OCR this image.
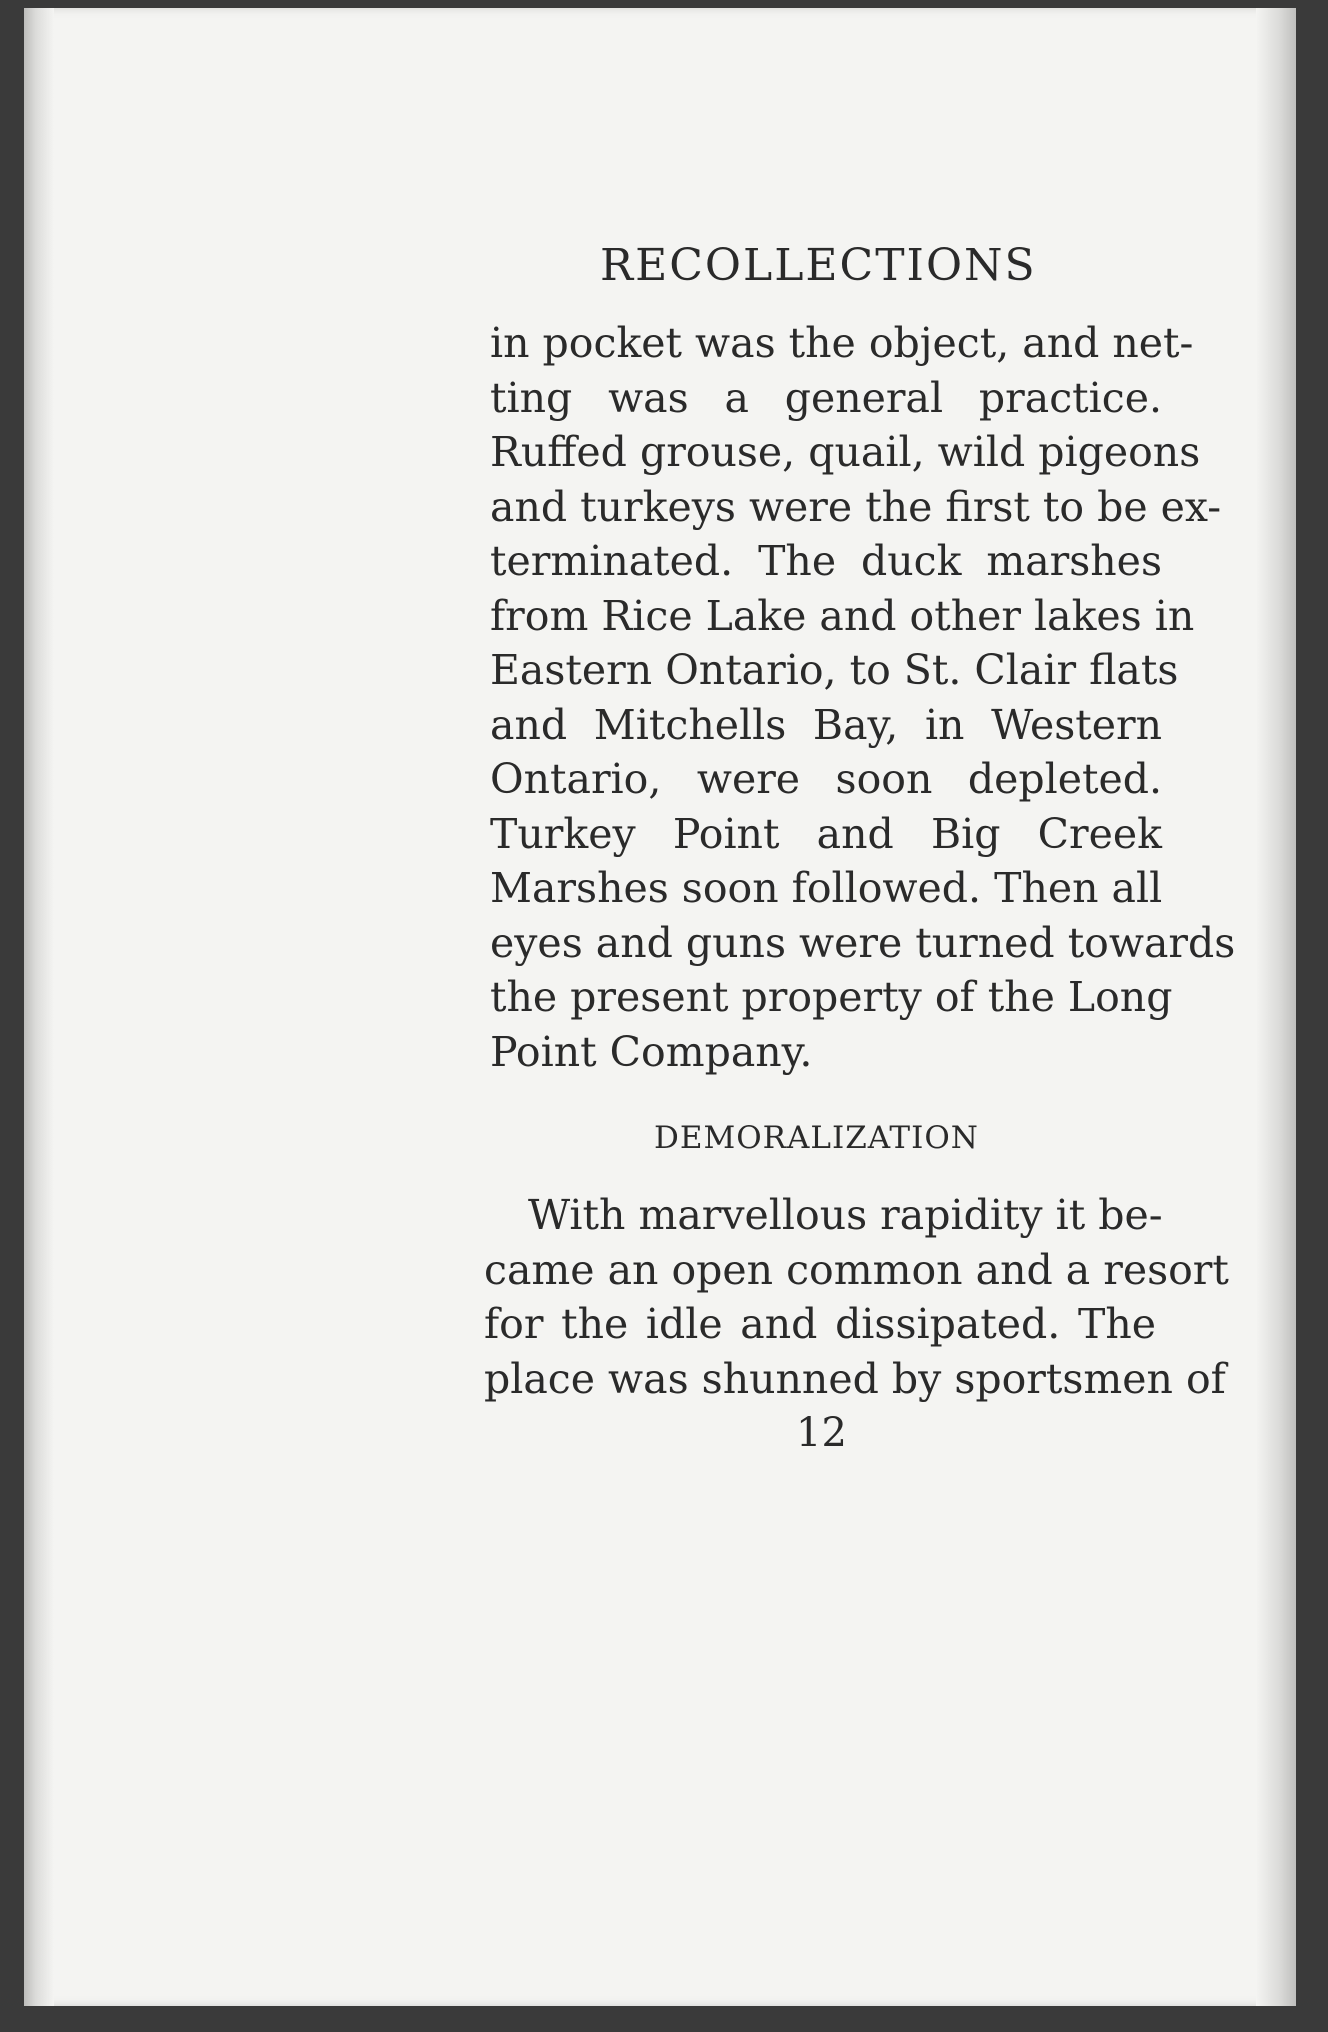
RECOLLECTIONS
in pocket was the object, and net-
ting was a general practice.
Ruffed grouse, quail, wild pigeons
and turkeys were the first to be ex-
terminated. The duck marshes
from Rice Lake and other lakes in
Eastern Ontario, to St. Clair flats
and Mitchells Bay, in Western
Ontario, were soon depleted.
Turkey Point and Big Creek
Marshes soon followed. Then all
eyes and guns were turned towards
the present property of the Long
Point Company.
DEMORALIZATION
With marvellous rapidity it be-
came an open common and a resort
for the idle and dissipated. The
place was shunned by sportsmen of
12
